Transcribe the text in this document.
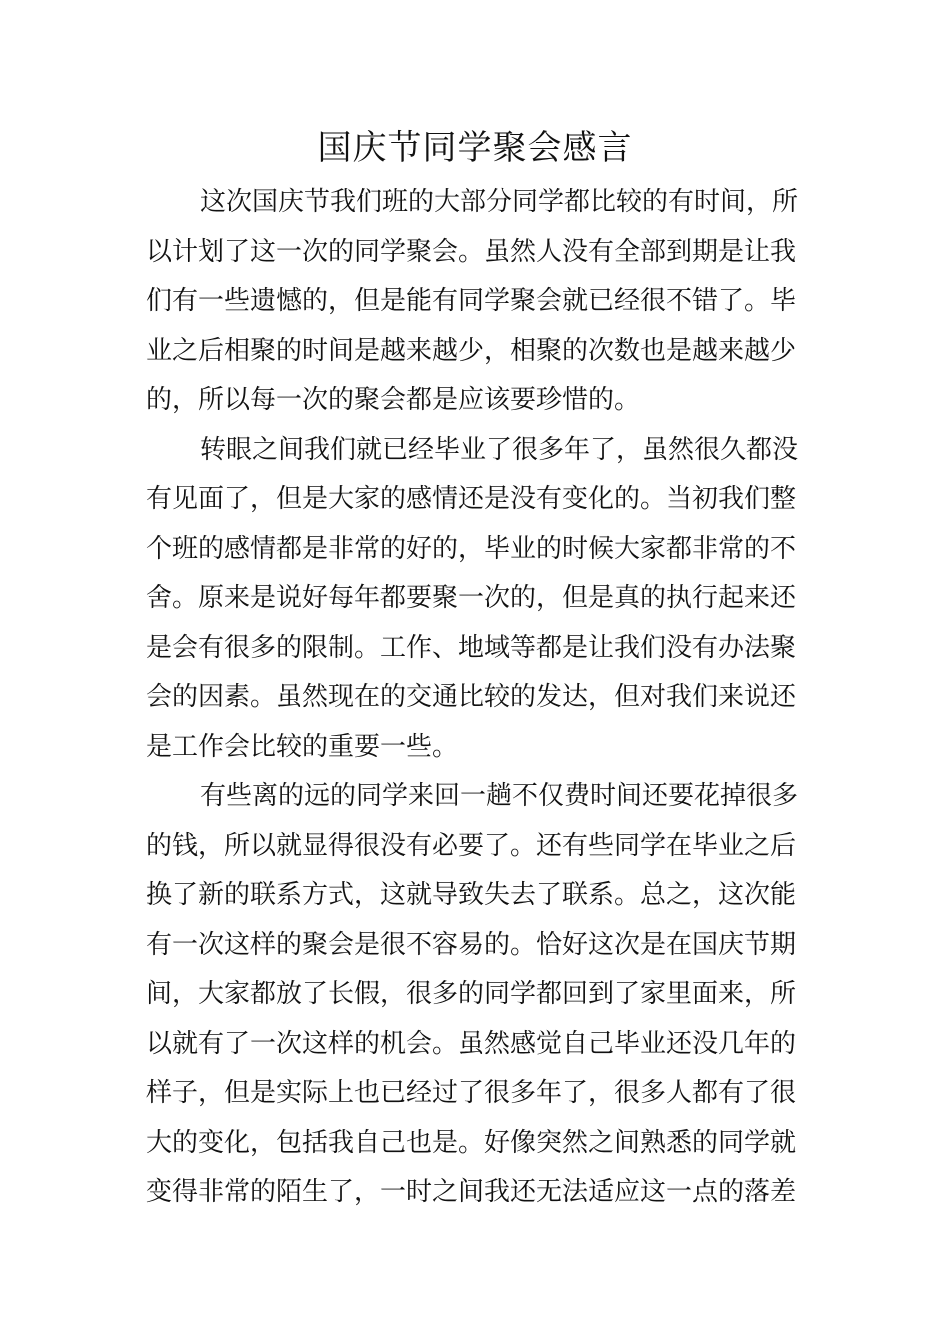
国庆节同学聚会感言

这次国庆节我们班的大部分同学都比较的有时间，所
以计划了这一次的同学聚会。虽然人没有全部到期是让我
们有一些遗憾的，但是能有同学聚会就已经很不错了。毕
业之后相聚的时间是越来越少，相聚的次数也是越来越少
的，所以每一次的聚会都是应该要珍惜的。

转眼之间我们就已经毕业了很多年了，虽然很久都没
有见面了，但是大家的感情还是没有变化的。当初我们整
个班的感情都是非常的好的，毕业的时候大家都非常的不
舍。原来是说好每年都要聚一次的，但是真的执行起来还
是会有很多的限制。工作、地域等都是让我们没有办法聚
会的因素。虽然现在的交通比较的发达，但对我们来说还
是工作会比较的重要一些。

有些离的远的同学来回一趟不仅费时间还要花掉很多
的钱，所以就显得很没有必要了。还有些同学在毕业之后
换了新的联系方式，这就导致失去了联系。总之，这次能
有一次这样的聚会是很不容易的。恰好这次是在国庆节期
间，大家都放了长假，很多的同学都回到了家里面来，所
以就有了一次这样的机会。虽然感觉自己毕业还没几年的
样子，但是实际上也已经过了很多年了，很多人都有了很
大的变化，包括我自己也是。好像突然之间熟悉的同学就
变得非常的陌生了，一时之间我还无法适应这一点的落差
